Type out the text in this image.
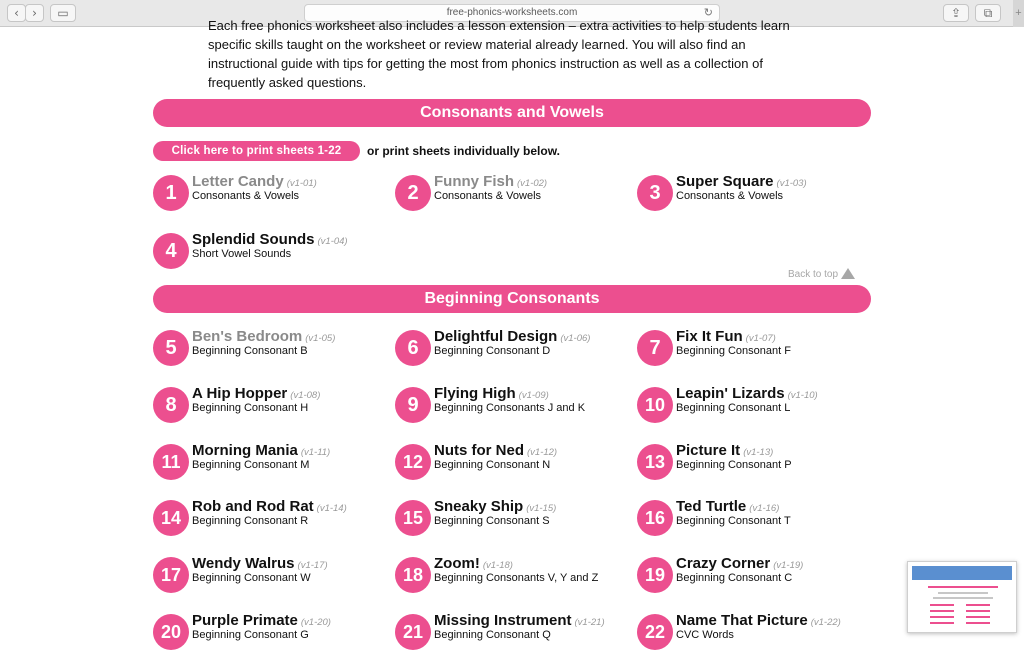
‹	›	▭	free-phonics-worksheets.com	↻	⇪	⧉	+

Each free phonics worksheet also includes a lesson extension – extra activities to help students learn specific skills taught on the worksheet or review material already learned. You will also find an instructional guide with tips for getting the most from phonics instruction as well as a collection of frequently asked questions.

Consonants and Vowels
Click here to print sheets 1-22	or print sheets individually below.
1
Letter Candy (v1-01)
Consonants & Vowels	2
Funny Fish (v1-02)
Consonants & Vowels	3
Super Square (v1-03)
Consonants & Vowels
4
Splendid Sounds (v1-04)
Short Vowel Sounds
Back to top
Beginning Consonants
5
Ben's Bedroom (v1-05)
Beginning Consonant B	6
Delightful Design (v1-06)
Beginning Consonant D	7
Fix It Fun (v1-07)
Beginning Consonant F
8
A Hip Hopper (v1-08)
Beginning Consonant H	9
Flying High (v1-09)
Beginning Consonants J and K	10
Leapin' Lizards (v1-10)
Beginning Consonant L
11
Morning Mania (v1-11)
Beginning Consonant M	12
Nuts for Ned (v1-12)
Beginning Consonant N	13
Picture It (v1-13)
Beginning Consonant P
14
Rob and Rod Rat (v1-14)
Beginning Consonant R	15
Sneaky Ship (v1-15)
Beginning Consonant S	16
Ted Turtle (v1-16)
Beginning Consonant T
17
Wendy Walrus (v1-17)
Beginning Consonant W	18
Zoom! (v1-18)
Beginning Consonants V, Y and Z	19
Crazy Corner (v1-19)
Beginning Consonant C
20
Purple Primate (v1-20)
Beginning Consonant G	21
Missing Instrument (v1-21)
Beginning Consonant Q	22
Name That Picture (v1-22)
CVC Words
